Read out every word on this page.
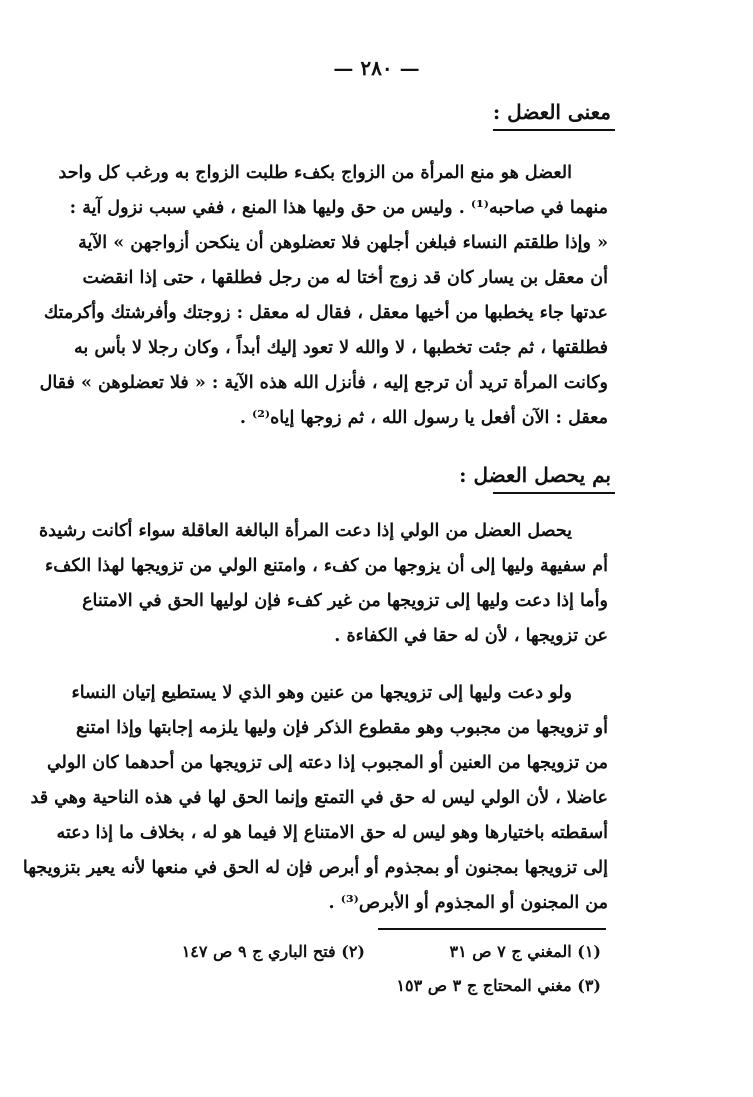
— ٢٨٠ —
معنى العضل :
العضل هو منع المرأة من الزواج بكفء طلبت الزواج به ورغب كل واحد
منهما في صاحبه⁽¹⁾ . وليس من حق وليها هذا المنع ، ففي سبب نزول آية :
« وإذا طلقتم النساء فبلغن أجلهن فلا تعضلوهن أن ينكحن أزواجهن » الآية
أن معقل بن يسار كان قد زوج أختا له من رجل فطلقها ، حتى إذا انقضت
عدتها جاء يخطبها من أخيها معقل ، فقال له معقل : زوجتك وأفرشتك وأكرمتك
فطلقتها ، ثم جئت تخطبها ، لا والله لا تعود إليك أبداً ، وكان رجلا لا بأس به
وكانت المرأة تريد أن ترجع إليه ، فأنزل الله هذه الآية : « فلا تعضلوهن » فقال
معقل : الآن أفعل يا رسول الله ، ثم زوجها إياه⁽²⁾ .
بم يحصل العضل :
يحصل العضل من الولي إذا دعت المرأة البالغة العاقلة سواء أكانت رشيدة
أم سفيهة وليها إلى أن يزوجها من كفء ، وامتنع الولي من تزويجها لهذا الكفء
وأما إذا دعت وليها إلى تزويجها من غير كفء فإن لوليها الحق في الامتناع
عن تزويجها ، لأن له حقا في الكفاءة .
ولو دعت وليها إلى تزويجها من عنين وهو الذي لا يستطيع إتيان النساء
أو تزويجها من مجبوب وهو مقطوع الذكر فإن وليها يلزمه إجابتها وإذا امتنع
من تزويجها من العنين أو المجبوب إذا دعته إلى تزويجها من أحدهما كان الولي
عاضلا ، لأن الولي ليس له حق في التمتع وإنما الحق لها في هذه الناحية وهي قد
أسقطته باختيارها وهو ليس له حق الامتناع إلا فيما هو له ، بخلاف ما إذا دعته
إلى تزويجها بمجنون أو بمجذوم أو أبرص فإن له الحق في منعها لأنه يعير بتزويجها
من المجنون أو المجذوم أو الأبرص⁽³⁾ .
(١) المغني ج ٧ ص ٣١
(٢) فتح الباري ج ٩ ص ١٤٧
(٣) مغني المحتاج ج ٣ ص ١٥٣
